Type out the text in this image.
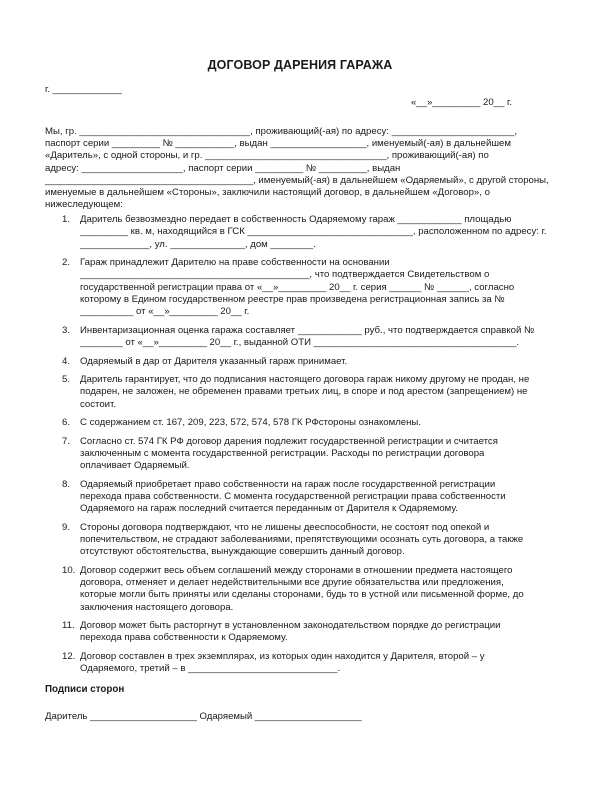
ДОГОВОР ДАРЕНИЯ ГАРАЖА
г. _____________
«__»_________ 20__ г.

Мы, гр. ________________________________, проживающий(-ая) по адресу: _______________________,

паспорт серии _________ № ___________, выдан __________________, именуемый(-ая) в дальнейшем

«Даритель», с одной стороны, и гр. __________________________________, проживающий(-ая) по

адресу: ___________________, паспорт серии _________ № _________, выдан

_______________________________________, именуемый(-ая) в дальнейшем «Одаряемый», с другой стороны,

именуемые в дальнейшем «Стороны», заключили настоящий договор, в дальнейшем «Договор», о

нижеследующем:

1. Даритель безвозмездно передает в собственность Одаряемому гараж ____________ площадью
_________ кв. м, находящийся в ГСК _______________________________, расположенном по адресу: г.
_____________, ул. ______________, дом ________.
2. Гараж принадлежит Дарителю на праве собственности на основании
___________________________________________, что подтверждается Свидетельством о
государственной регистрации права от «__»_________ 20__ г. серия ______ № ______, согласно
которому в Едином государственном реестре прав произведена регистрационная запись за №
__________ от «__»_________ 20__ г.
3. Инвентаризационная оценка гаража составляет ____________ руб., что подтверждается справкой №
________ от «__»_________ 20__ г., выданной ОТИ ______________________________________.
4. Одаряемый в дар от Дарителя указанный гараж принимает.
5. Даритель гарантирует, что до подписания настоящего договора гараж никому другому не продан, не
подарен, не заложен, не обременен правами третьих лиц, в споре и под арестом (запрещением) не
состоит.
6. С содержанием ст. 167, 209, 223, 572, 574, 578 ГК РФстороны ознакомлены.
7. Согласно ст. 574 ГК РФ договор дарения подлежит государственной регистрации и считается
заключенным с момента государственной регистрации. Расходы по регистрации договора
оплачивает Одаряемый.
8. Одаряемый приобретает право собственности на гараж после государственной регистрации
перехода права собственности. С момента государственной регистрации права собственности
Одаряемого на гараж последний считается переданным от Дарителя к Одаряемому.
9. Стороны договора подтверждают, что не лишены дееспособности, не состоят под опекой и
попечительством, не страдают заболеваниями, препятствующими осознать суть договора, а также
отсутствуют обстоятельства, вынуждающие совершить данный договор.
10. Договор содержит весь объем соглашений между сторонами в отношении предмета настоящего
договора, отменяет и делает недействительными все другие обязательства или предложения,
которые могли быть приняты или сделаны сторонами, будь то в устной или письменной форме, до
заключения настоящего договора.
11. Договор может быть расторгнут в установленном законодательством порядке до регистрации
перехода права собственности к Одаряемому.
12. Договор составлен в трех экземплярах, из которых один находится у Дарителя, второй – у
Одаряемого, третий – в ____________________________.
Подписи сторон
Даритель ____________________ Одаряемый ____________________
